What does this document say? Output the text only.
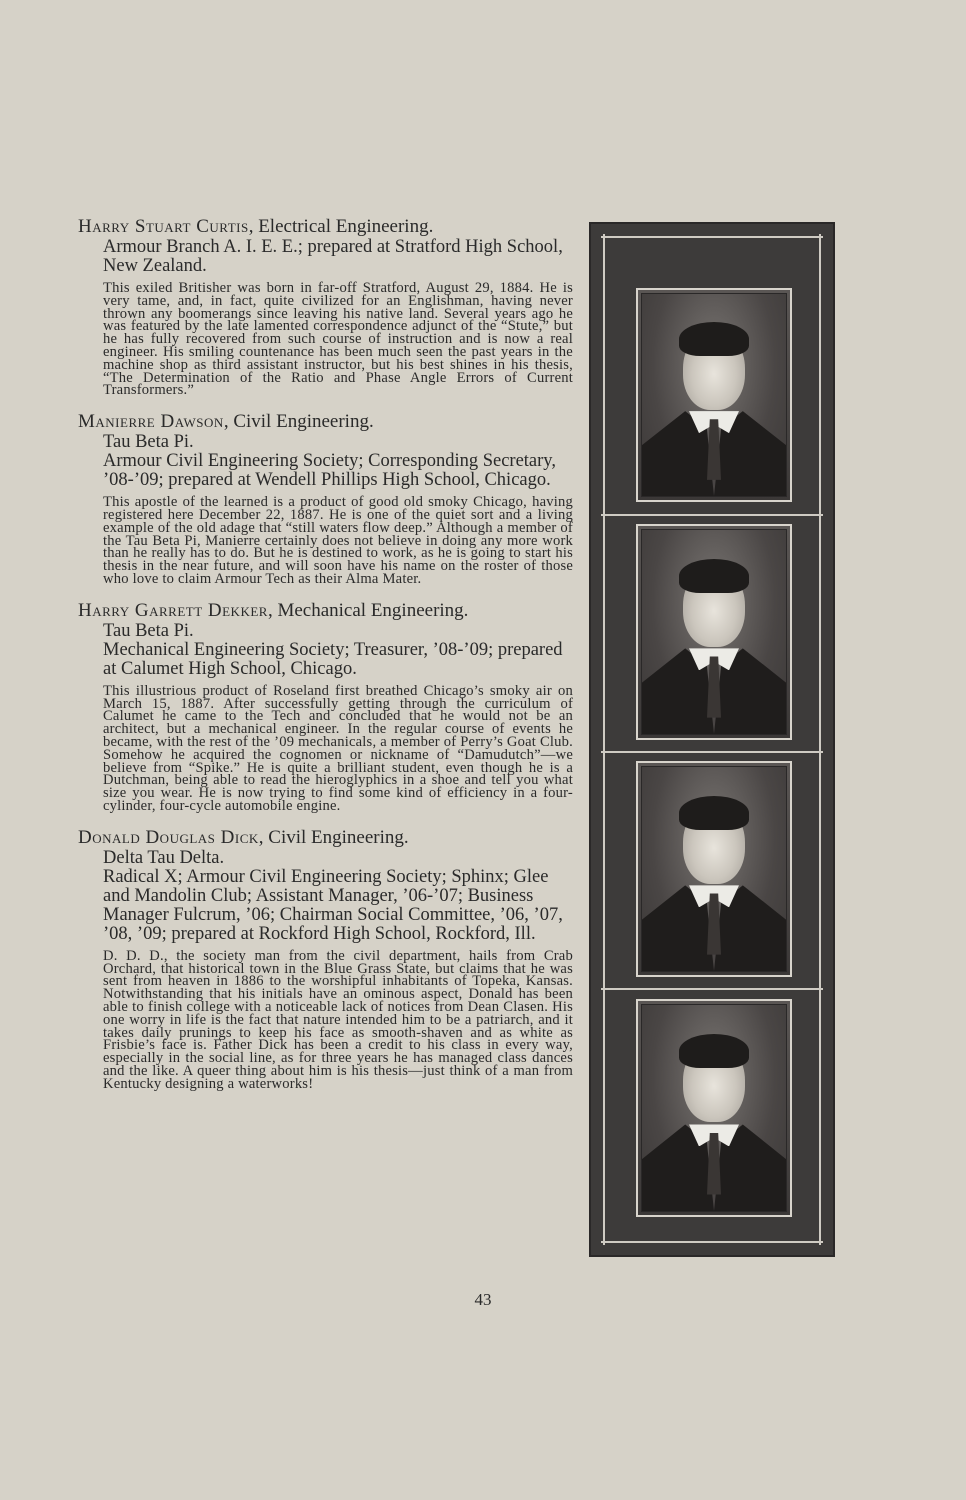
Harry Stuart Curtis, Electrical Engineering.

Armour Branch A. I. E. E.; prepared at Stratford High School, New Zealand.

This exiled Britisher was born in far-off Stratford, August 29, 1884. He is very tame, and, in fact, quite civilized for an Englishman, having never thrown any boomerangs since leaving his native land. Several years ago he was featured by the late lamented correspondence adjunct of the “Stute,” but he has fully recovered from such course of instruction and is now a real engineer. His smiling countenance has been much seen the past years in the machine shop as third assistant instructor, but his best shines in his thesis, “The Determination of the Ratio and Phase Angle Errors of Current Transformers.”

Manierre Dawson, Civil Engineering.

Tau Beta Pi.

Armour Civil Engineering Society; Corresponding Secretary, ’08-’09; prepared at Wendell Phillips High School, Chicago.

This apostle of the learned is a product of good old smoky Chicago, having registered here December 22, 1887. He is one of the quiet sort and a living example of the old adage that “still waters flow deep.” Although a member of the Tau Beta Pi, Manierre certainly does not believe in doing any more work than he really has to do. But he is destined to work, as he is going to start his thesis in the near future, and will soon have his name on the roster of those who love to claim Armour Tech as their Alma Mater.

Harry Garrett Dekker, Mechanical Engineering.

Tau Beta Pi.

Mechanical Engineering Society; Treasurer, ’08-’09; prepared at Calumet High School, Chicago.

This illustrious product of Roseland first breathed Chicago’s smoky air on March 15, 1887. After successfully getting through the curriculum of Calumet he came to the Tech and concluded that he would not be an architect, but a mechanical engineer. In the regular course of events he became, with the rest of the ’09 mechanicals, a member of Perry’s Goat Club. Somehow he acquired the cognomen or nickname of “Damudutch”—we believe from “Spike.” He is quite a brilliant student, even though he is a Dutchman, being able to read the hieroglyphics in a shoe and tell you what size you wear. He is now trying to find some kind of efficiency in a four-cylinder, four-cycle automobile engine.

Donald Douglas Dick, Civil Engineering.

Delta Tau Delta.

Radical X; Armour Civil Engineering Society; Sphinx; Glee and Mandolin Club; Assistant Manager, ’06-’07; Business Manager Fulcrum, ’06; Chairman Social Committee, ’06, ’07, ’08, ’09; prepared at Rockford High School, Rockford, Ill.

D. D. D., the society man from the civil department, hails from Crab Orchard, that historical town in the Blue Grass State, but claims that he was sent from heaven in 1886 to the worshipful inhabitants of Topeka, Kansas. Notwithstanding that his initials have an ominous aspect, Donald has been able to finish college with a noticeable lack of notices from Dean Clasen. His one worry in life is the fact that nature intended him to be a patriarch, and it takes daily prunings to keep his face as smooth-shaven and as white as Frisbie’s face is. Father Dick has been a credit to his class in every way, especially in the social line, as for three years he has managed class dances and the like. A queer thing about him is his thesis—just think of a man from Kentucky designing a waterworks!

43
